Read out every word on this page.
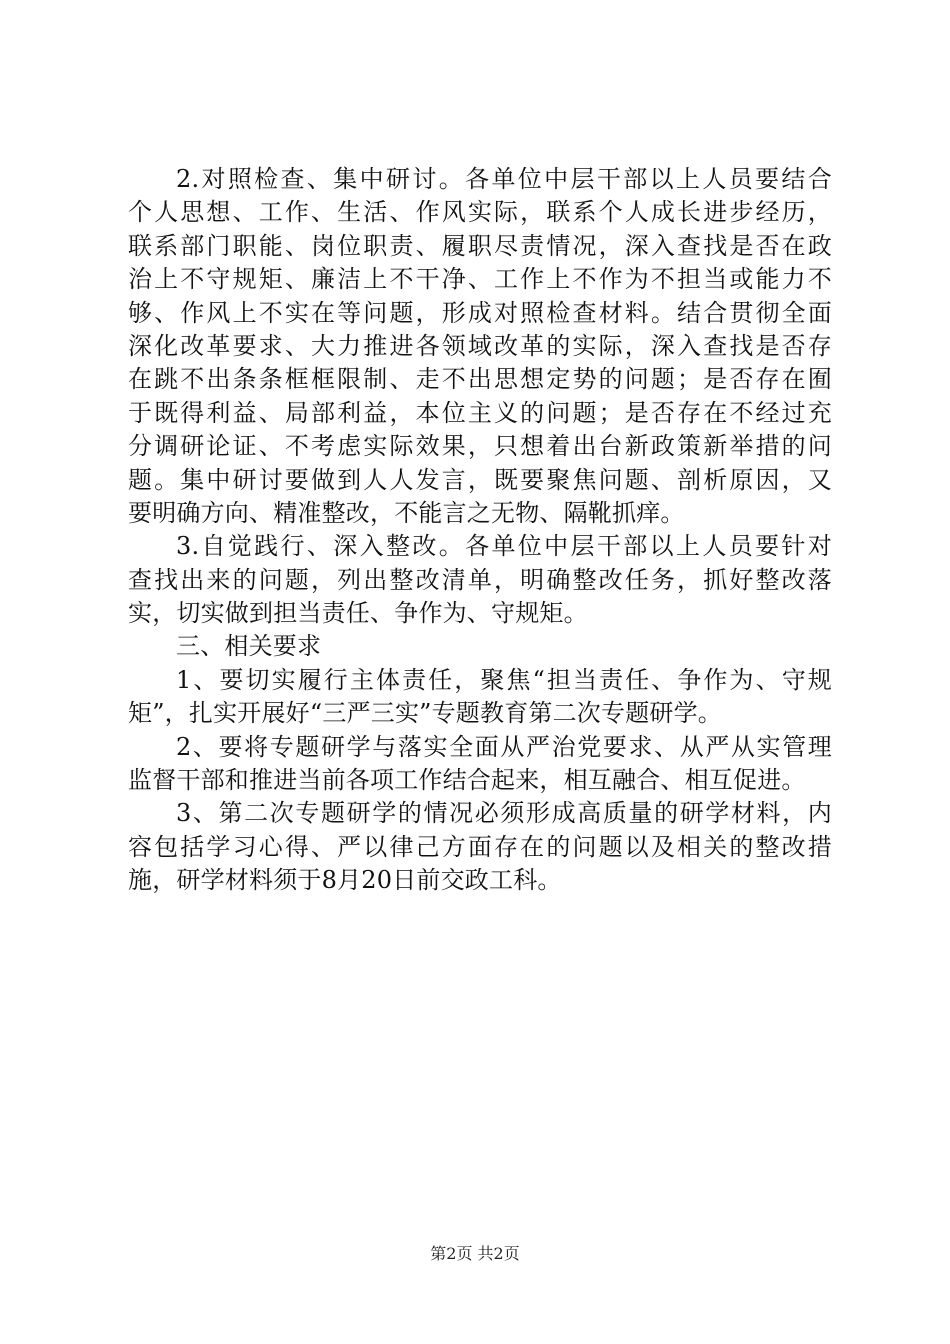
2.对照检查、集中研讨。各单位中层干部以上人员要结合
个人思想、工作、生活、作风实际，联系个人成长进步经历，
联系部门职能、岗位职责、履职尽责情况，深入查找是否在政
治上不守规矩、廉洁上不干净、工作上不作为不担当或能力不
够、作风上不实在等问题，形成对照检查材料。结合贯彻全面
深化改革要求、大力推进各领域改革的实际，深入查找是否存
在跳不出条条框框限制、走不出思想定势的问题；是否存在囿
于既得利益、局部利益，本位主义的问题；是否存在不经过充
分调研论证、不考虑实际效果，只想着出台新政策新举措的问
题。集中研讨要做到人人发言，既要聚焦问题、剖析原因，又
要明确方向、精准整改，不能言之无物、隔靴抓痒。
3.自觉践行、深入整改。各单位中层干部以上人员要针对
查找出来的问题，列出整改清单，明确整改任务，抓好整改落
实，切实做到担当责任、争作为、守规矩。
三、相关要求
1、要切实履行主体责任，聚焦“担当责任、争作为、守规
矩”，扎实开展好“三严三实”专题教育第二次专题研学。
2、要将专题研学与落实全面从严治党要求、从严从实管理
监督干部和推进当前各项工作结合起来，相互融合、相互促进。
3、第二次专题研学的情况必须形成高质量的研学材料，内
容包括学习心得、严以律己方面存在的问题以及相关的整改措
施，研学材料须于8月20日前交政工科。
第2页 共2页
